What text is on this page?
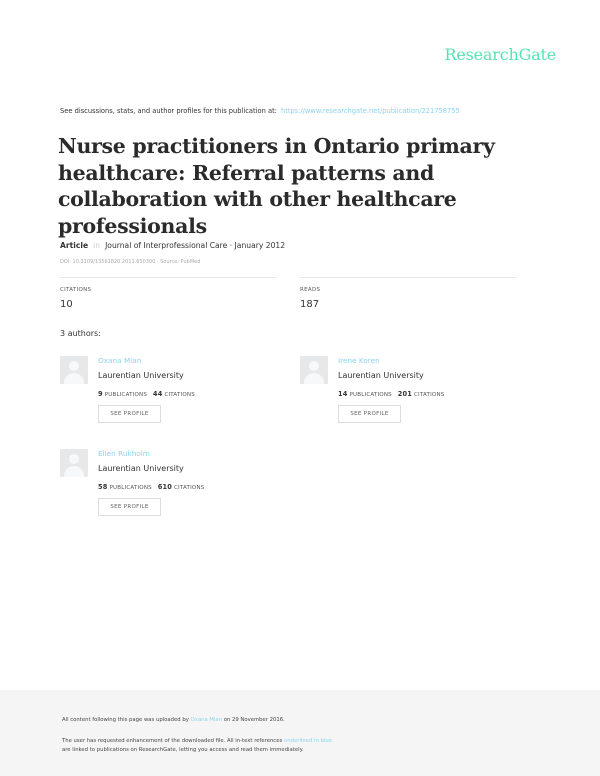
ResearchGate
See discussions, stats, and author profiles for this publication at: https://www.researchgate.net/publication/221758755
Nurse practitioners in Ontario primary healthcare: Referral patterns and collaboration with other healthcare professionals
Article in Journal of Interprofessional Care · January 2012
DOI: 10.3109/13561820.2011.650300 · Source: PubMed
CITATIONS
10
READS
187
3 authors:
Oxana Mian
Laurentian University
9 PUBLICATIONS 44 CITATIONS
SEE PROFILE
Irene Koren
Laurentian University
14 PUBLICATIONS 201 CITATIONS
SEE PROFILE
Ellen Rukholm
Laurentian University
58 PUBLICATIONS 610 CITATIONS
SEE PROFILE
All content following this page was uploaded by Oxana Mian on 29 November 2016.
The user has requested enhancement of the downloaded file. All in-text references underlined in blue
are linked to publications on ResearchGate, letting you access and read them immediately.
